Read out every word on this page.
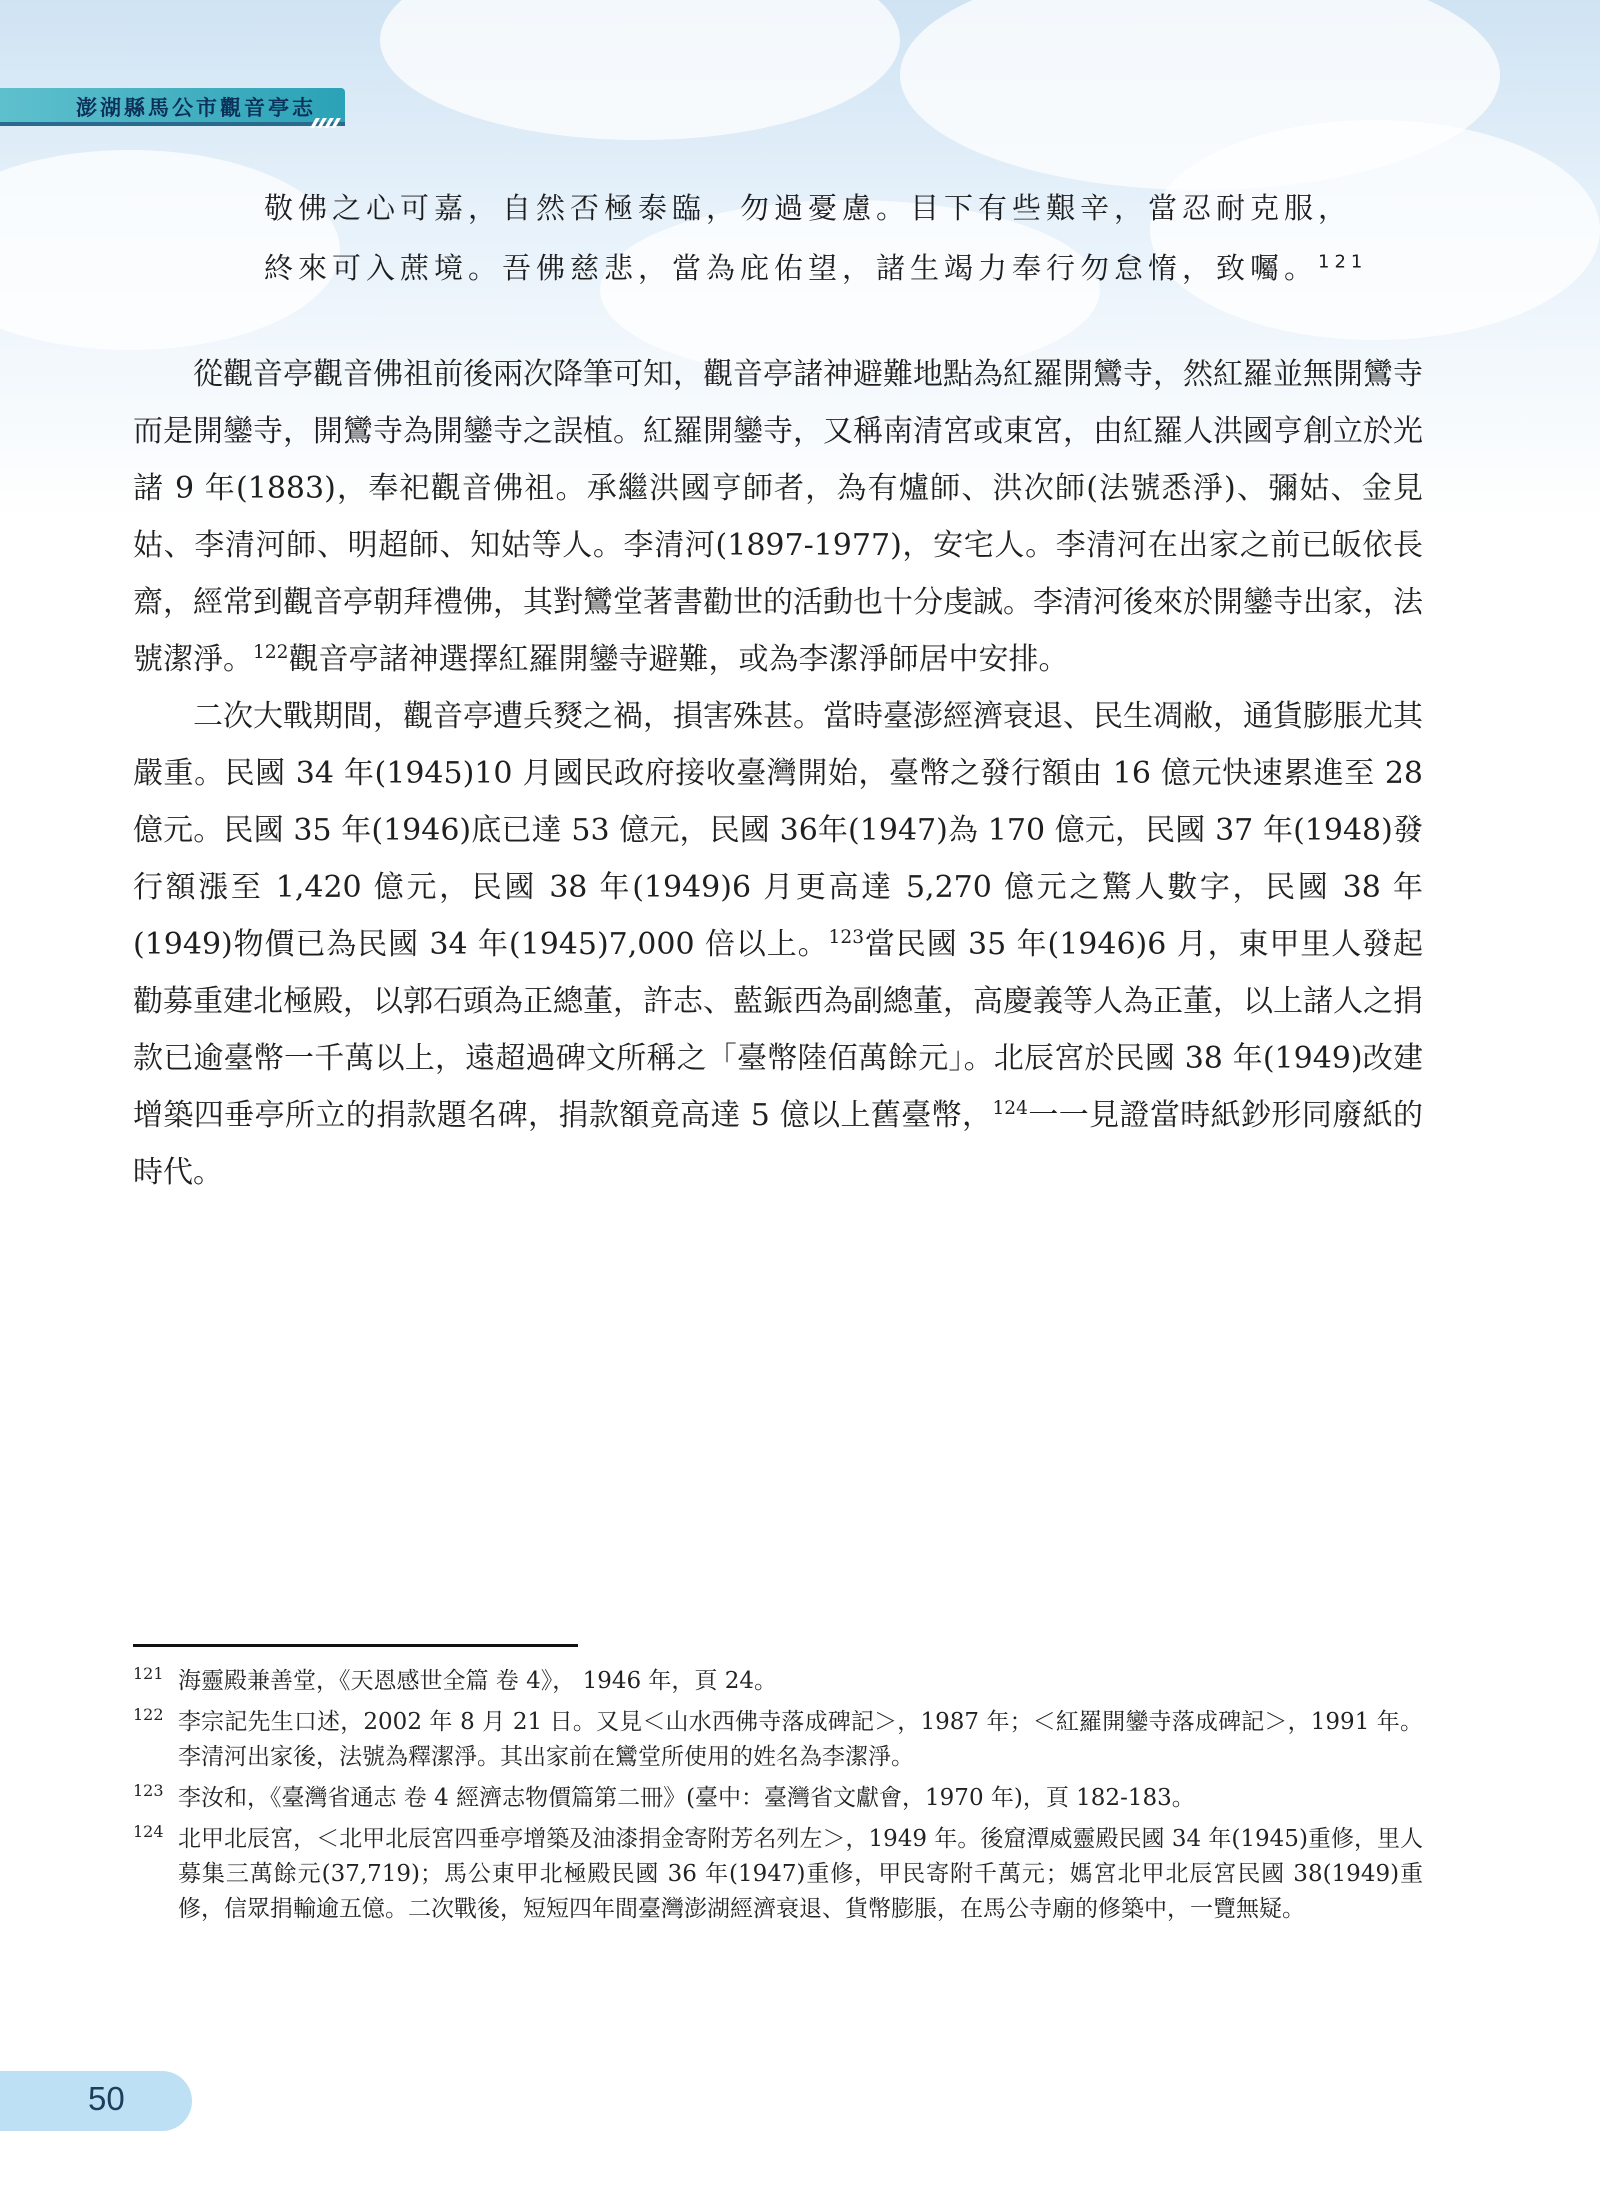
澎湖縣馬公市觀音亭志

敬佛之心可嘉，自然否極泰臨，勿過憂慮。目下有些艱辛，當忍耐克服，

終來可入蔗境。吾佛慈悲，當為庇佑望，諸生竭力奉行勿怠惰，致囑。$^{121}$

從觀音亭觀音佛祖前後兩次降筆可知，觀音亭諸神避難地點為紅羅開鸞寺，然紅羅並無開鸞寺而是開鑾寺，開鸞寺為開鑾寺之誤植。紅羅開鑾寺，又稱南清宮或東宮，由紅羅人洪國亨創立於光諸 9 年(1883)，奉祀觀音佛祖。承繼洪國亨師者，為有爐師、洪次師(法號悉淨)、彌姑、金見姑、李清河師、明超師、知姑等人。李清河(1897-1977)，安宅人。李清河在出家之前已皈依長齋，經常到觀音亭朝拜禮佛，其對鸞堂著書勸世的活動也十分虔誠。李清河後來於開鑾寺出家，法號潔淨。$^{122}$觀音亭諸神選擇紅羅開鑾寺避難，或為李潔淨師居中安排。

二次大戰期間，觀音亭遭兵燹之禍，損害殊甚。當時臺澎經濟衰退、民生凋敝，通貨膨脹尤其嚴重。民國 34 年(1945)10 月國民政府接收臺灣開始，臺幣之發行額由 16 億元快速累進至 28 億元。民國 35 年(1946)底已達 53 億元，民國 36年(1947)為 170 億元，民國 37 年(1948)發行額漲至 1,420 億元，民國 38 年(1949)6 月更高達 5,270 億元之驚人數字，民國 38 年(1949)物價已為民國 34 年(1945)7,000 倍以上。$^{123}$當民國 35 年(1946)6 月，東甲里人發起勸募重建北極殿，以郭石頭為正總董，許志、藍鋠西為副總董，高慶義等人為正董，以上諸人之捐款已逾臺幣一千萬以上，遠超過碑文所稱之「臺幣陸佰萬餘元」。北辰宮於民國 38 年(1949)改建增築四垂亭所立的捐款題名碑，捐款額竟高達 5 億以上舊臺幣，$^{124}$一一見證當時紙鈔形同廢紙的時代。

121 海靈殿兼善堂，《天恩感世全篇 卷 4》， 1946 年，頁 24。
122 李宗記先生口述，2002 年 8 月 21 日。又見＜山水西佛寺落成碑記＞，1987 年；＜紅羅開鑾寺落成碑記＞，1991 年。李清河出家後，法號為釋潔淨。其出家前在鸞堂所使用的姓名為李潔淨。
123 李汝和，《臺灣省通志 卷 4 經濟志物價篇第二冊》(臺中：臺灣省文獻會，1970 年)，頁 182-183。
124 北甲北辰宮，＜北甲北辰宮四垂亭增築及油漆捐金寄附芳名列左＞，1949 年。後窟潭威靈殿民國 34 年(1945)重修，里人募集三萬餘元(37,719)；馬公東甲北極殿民國 36 年(1947)重修，甲民寄附千萬元；媽宮北甲北辰宮民國 38(1949)重修，信眾捐輸逾五億。二次戰後，短短四年間臺灣澎湖經濟衰退、貨幣膨脹，在馬公寺廟的修築中，一覽無疑。
50
